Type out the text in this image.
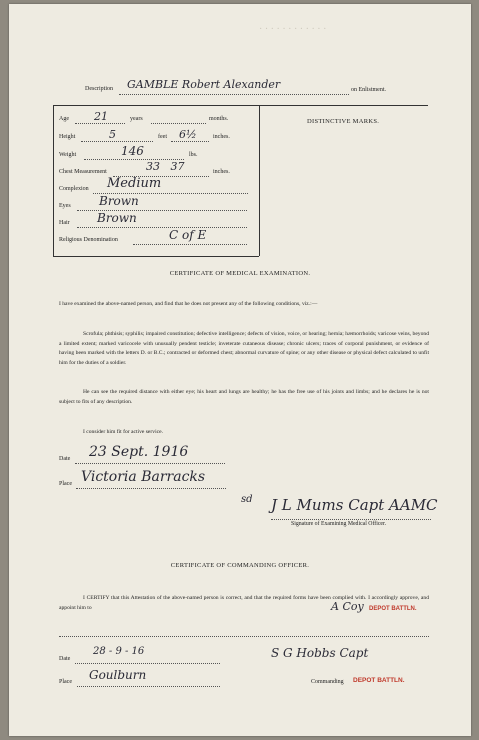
· · · · · · · · · · · ·
Description GAMBLE Robert Alexander	on Enlistment.
Age 21	years	months.
Height	5	feet 6½	inches.
Weight	146	lbs.
Chest Measurement	33   37	inches.
Complexion Medium
Eyes Brown
Hair Brown
Religious Denomination	C of E
DISTINCTIVE MARKS.
CERTIFICATE OF MEDICAL EXAMINATION.
I have examined the above-named person, and find that he does not present any of the following conditions, viz.:—
Scrofula; phthisis; syphilis; impaired constitution; defective intelligence; defects of vision, voice, or hearing; hernia; hæmorrhoids; varicose veins, beyond a limited extent; marked varicocele with unusually pendent testicle; inveterate cutaneous disease; chronic ulcers; traces of corporal punishment, or evidence of having been marked with the letters D. or B.C.; contracted or deformed chest; abnormal curvature of spine; or any other disease or physical defect calculated to unfit him for the duties of a soldier.
He can see the required distance with either eye; his heart and lungs are healthy; he has the free use of his joints and limbs; and he declares he is not subject to fits of any description.
I consider him fit for active service.
Date 23 Sept. 1916
Place Victoria Barracks
sd J L Mums Capt AAMC
Signature of Examining Medical Officer.
CERTIFICATE OF COMMANDING OFFICER.
I CERTIFY that this Attestation of the above-named person is correct, and that the required forms have been complied with. I accordingly approve, and appoint him to	A Coy DEPOT BATTLN.
Date
28 - 9 - 16	S G Hobbs Capt
Place Goulburn	Commanding DEPOT BATTLN.
